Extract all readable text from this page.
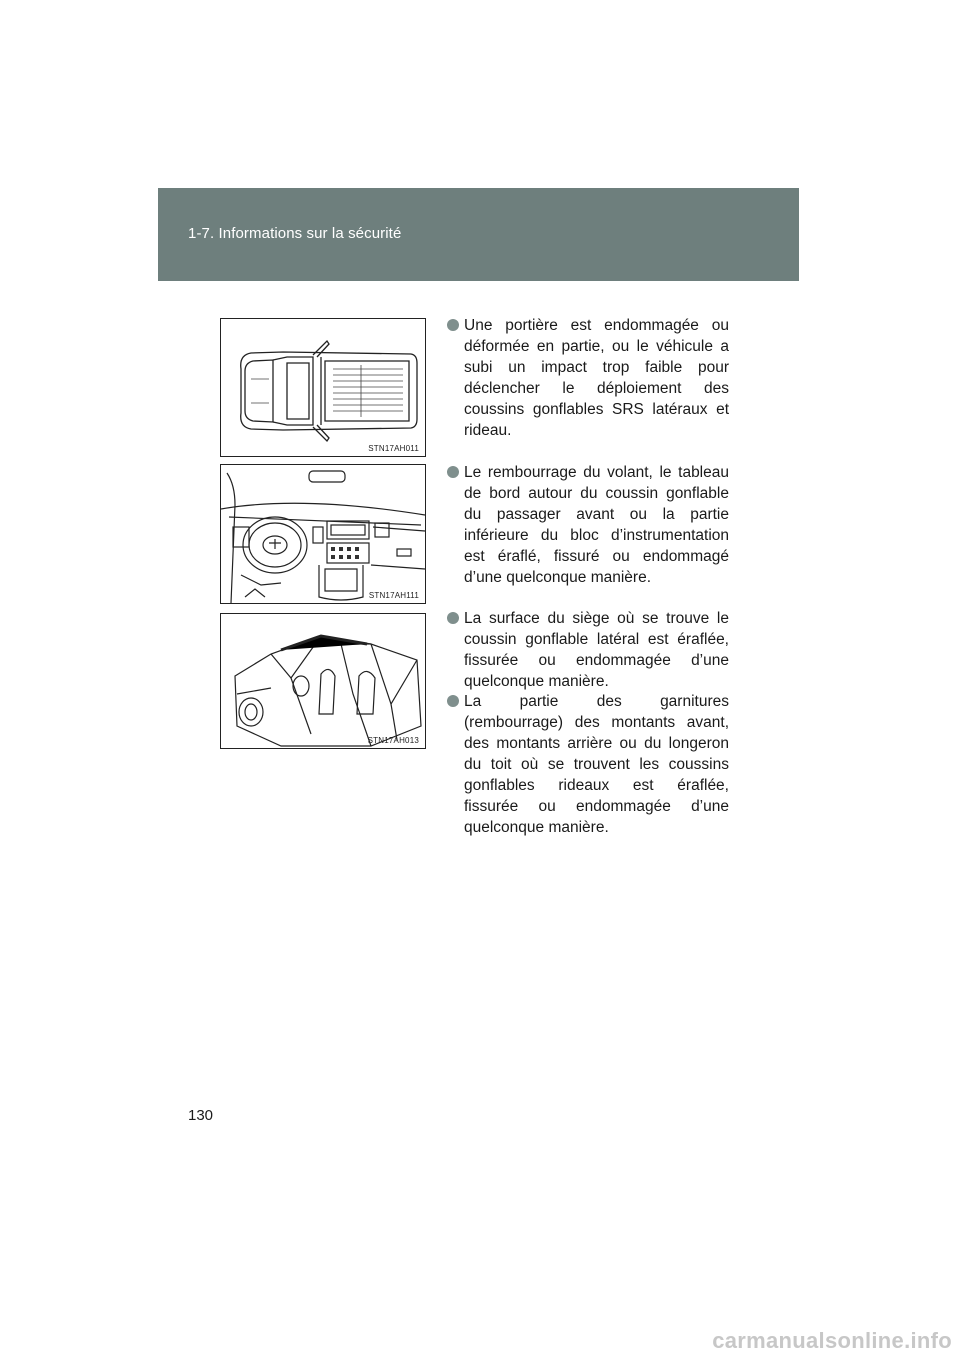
1-7. Informations sur la sécurité
STN17AH011
STN17AH111
STN17AH013
Une portière est endommagée ou déformée en partie, ou le véhicule a subi un impact trop faible pour déclencher le déploiement des coussins gonflables SRS latéraux et rideau.
Le rembourrage du volant, le tableau de bord autour du coussin gonflable du passager avant ou la partie inférieure du bloc d’instrumentation est éraflé, fissuré ou endommagé d’une quelconque manière.
La surface du siège où se trouve le coussin gonflable latéral est éraflée, fissurée ou endommagée d’une quelconque manière.
La partie des garnitures (rembourrage) des montants avant, des montants arrière ou du longeron du toit où se trouvent les coussins gonflables rideaux est éraflée, fissurée ou endommagée d’une quelconque manière.
130
carmanualsonline.info
